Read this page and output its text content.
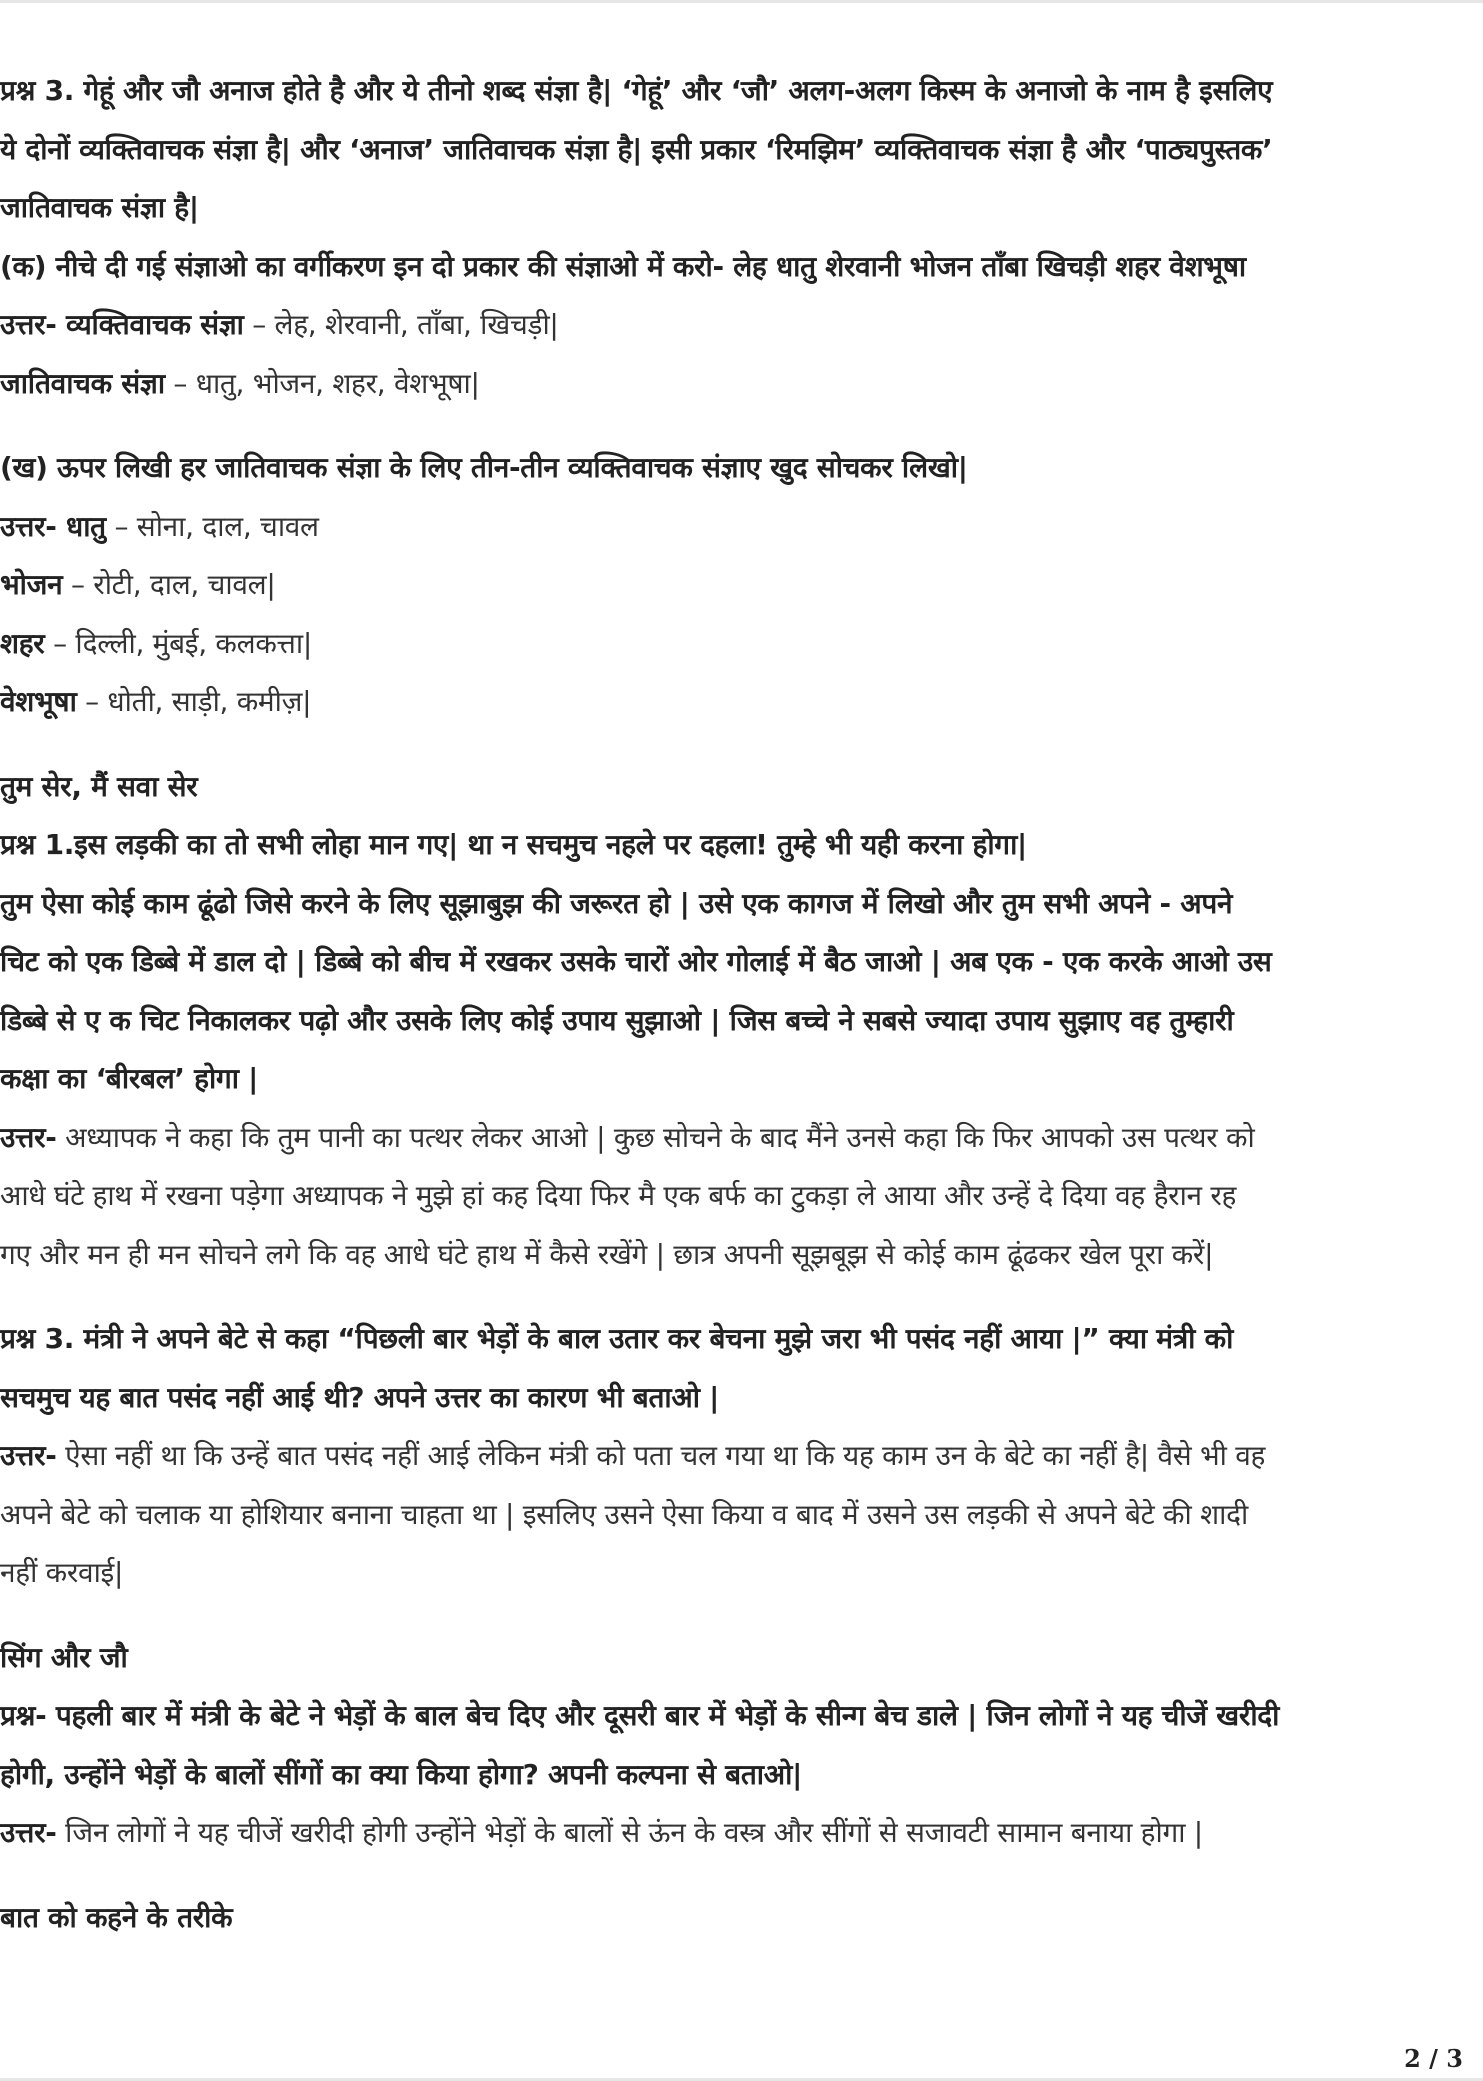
प्रश्न 3. गेहूं और जौ अनाज होते है और ये तीनो शब्द संज्ञा है| ‘गेहूं’ और ‘जौ’ अलग-अलग किस्म के अनाजो के नाम है इसलिए
ये दोनों व्यक्तिवाचक संज्ञा है| और ‘अनाज’ जातिवाचक संज्ञा है| इसी प्रकार ‘रिमझिम’ व्यक्तिवाचक संज्ञा है और ‘पाठ्यपुस्तक’
जातिवाचक संज्ञा है|
(क) नीचे दी गई संज्ञाओ का वर्गीकरण इन दो प्रकार की संज्ञाओ में करो- लेह धातु शेरवानी भोजन ताँबा खिचड़ी शहर वेशभूषा
उत्तर- व्यक्तिवाचक संज्ञा – लेह, शेरवानी, ताँबा, खिचड़ी|
जातिवाचक संज्ञा – धातु, भोजन, शहर, वेशभूषा|
(ख) ऊपर लिखी हर जातिवाचक संज्ञा के लिए तीन-तीन व्यक्तिवाचक संज्ञाए खुद सोचकर लिखो|
उत्तर- धातु – सोना, दाल, चावल
भोजन – रोटी, दाल, चावल|
शहर – दिल्ली, मुंबई, कलकत्ता|
वेशभूषा – धोती, साड़ी, कमीज़|
तुम सेर, मैं सवा सेर
प्रश्न 1.इस लड़की का तो सभी लोहा मान गए| था न सचमुच नहले पर दहला! तुम्हे भी यही करना होगा|
तुम ऐसा कोई काम ढूंढो जिसे करने के लिए सूझाबुझ की जरूरत हो | उसे एक कागज में लिखो और तुम सभी अपने - अपने
चिट को एक डिब्बे में डाल दो | डिब्बे को बीच में रखकर उसके चारों ओर गोलाई में बैठ जाओ | अब एक - एक करके आओ उस
डिब्बे से ए क चिट निकालकर पढ़ो और उसके लिए कोई उपाय सुझाओ | जिस बच्चे ने सबसे ज्यादा उपाय सुझाए वह तुम्हारी
कक्षा का ‘बीरबल’ होगा |
उत्तर- अध्यापक ने कहा कि तुम पानी का पत्थर लेकर आओ | कुछ सोचने के बाद मैंने उनसे कहा कि फिर आपको उस पत्थर को
आधे घंटे हाथ में रखना पड़ेगा अध्यापक ने मुझे हां कह दिया फिर मै एक बर्फ का टुकड़ा ले आया और उन्हें दे दिया वह हैरान रह
गए और मन ही मन सोचने लगे कि वह आधे घंटे हाथ में कैसे रखेंगे | छात्र अपनी सूझबूझ से कोई काम ढूंढकर खेल पूरा करें|
प्रश्न 3. मंत्री ने अपने बेटे से कहा “पिछली बार भेड़ों के बाल उतार कर बेचना मुझे जरा भी पसंद नहीं आया |” क्या मंत्री को
सचमुच यह बात पसंद नहीं आई थी? अपने उत्तर का कारण भी बताओ |
उत्तर- ऐसा नहीं था कि उन्हें बात पसंद नहीं आई लेकिन मंत्री को पता चल गया था कि यह काम उन के बेटे का नहीं है| वैसे भी वह
अपने बेटे को चलाक या होशियार बनाना चाहता था | इसलिए उसने ऐसा किया व बाद में उसने उस लड़की से अपने बेटे की शादी
नहीं करवाई|
सिंग और जौ
प्रश्न- पहली बार में मंत्री के बेटे ने भेड़ों के बाल बेच दिए और दूसरी बार में भेड़ों के सीन्ग बेच डाले | जिन लोगों ने यह चीजें खरीदी
होगी, उन्होंने भेड़ों के बालों सींगों का क्या किया होगा? अपनी कल्पना से बताओ|
उत्तर- जिन लोगों ने यह चीजें खरीदी होगी उन्होंने भेड़ों के बालों से ऊंन के वस्त्र और सींगों से सजावटी सामान बनाया होगा |
बात को कहने के तरीके
2 / 3
